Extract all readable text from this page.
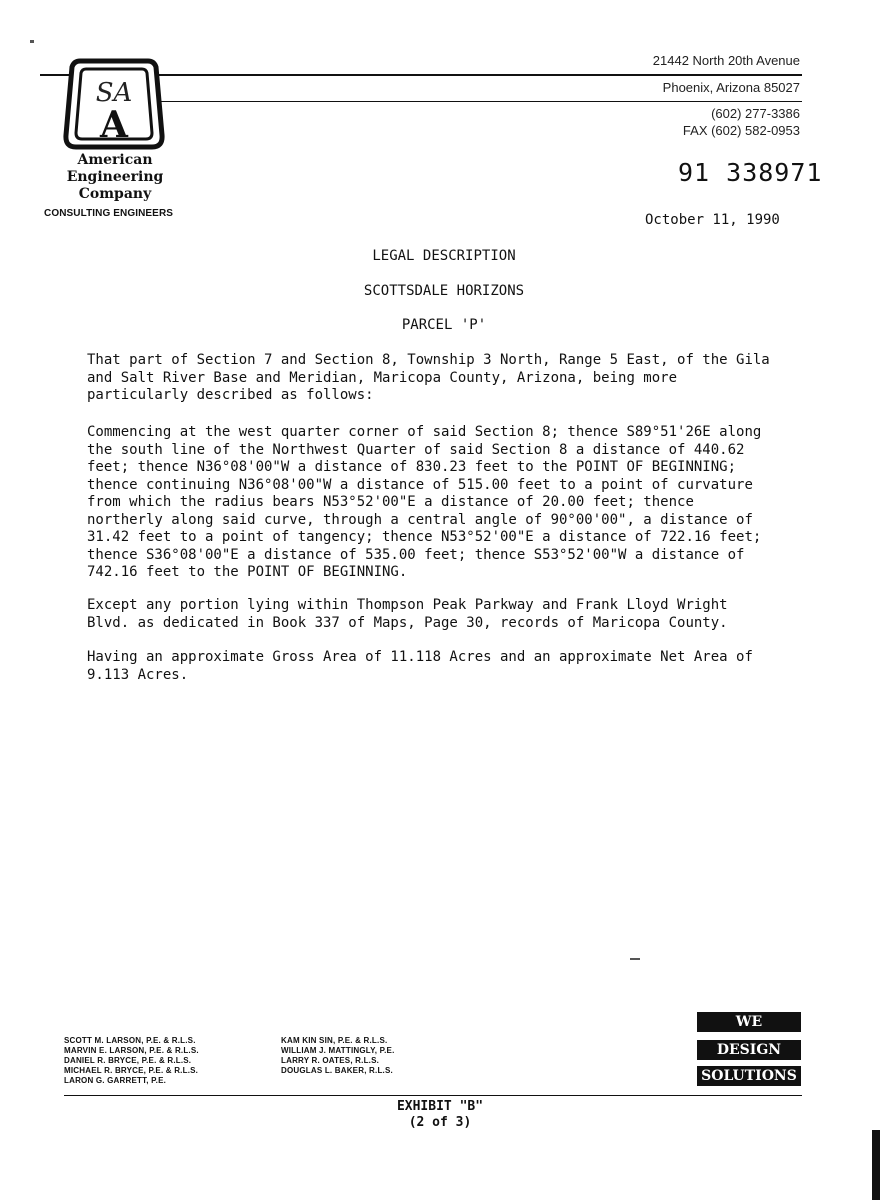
SA
A
American
Engineering
Company
CONSULTING ENGINEERS
21442 North 20th Avenue
Phoenix, Arizona 85027
(602) 277-3386
FAX (602) 582-0953
91 338971
October 11, 1990
LEGAL DESCRIPTION
SCOTTSDALE HORIZONS
PARCEL 'P'
That part of Section 7 and Section 8, Township 3 North, Range 5 East, of the Gila
and Salt River Base and Meridian, Maricopa County, Arizona, being more
particularly described as follows:
Commencing at the west quarter corner of said Section 8; thence S89°51'26E along
the south line of the Northwest Quarter of said Section 8 a distance of 440.62
feet; thence N36°08'00"W a distance of 830.23 feet to the POINT OF BEGINNING;
thence continuing N36°08'00"W a distance of 515.00 feet to a point of curvature
from which the radius bears N53°52'00"E a distance of 20.00 feet; thence
northerly along said curve, through a central angle of 90°00'00", a distance of
31.42 feet to a point of tangency; thence N53°52'00"E a distance of 722.16 feet;
thence S36°08'00"E a distance of 535.00 feet; thence S53°52'00"W a distance of
742.16 feet to the POINT OF BEGINNING.
Except any portion lying within Thompson Peak Parkway and Frank Lloyd Wright
Blvd. as dedicated in Book 337 of Maps, Page 30, records of Maricopa County.
Having an approximate Gross Area of 11.118 Acres and an approximate Net Area of
9.113 Acres.
SCOTT M. LARSON, P.E. & R.L.S.
MARVIN E. LARSON, P.E. & R.L.S.
DANIEL R. BRYCE, P.E. & R.L.S.
MICHAEL R. BRYCE, P.E. & R.L.S.
LARON G. GARRETT, P.E.
KAM KIN SIN, P.E. & R.L.S.
WILLIAM J. MATTINGLY, P.E.
LARRY R. OATES, R.L.S.
DOUGLAS L. BAKER, R.L.S.
WE
DESIGN
SOLUTIONS
EXHIBIT "B"
(2 of 3)
